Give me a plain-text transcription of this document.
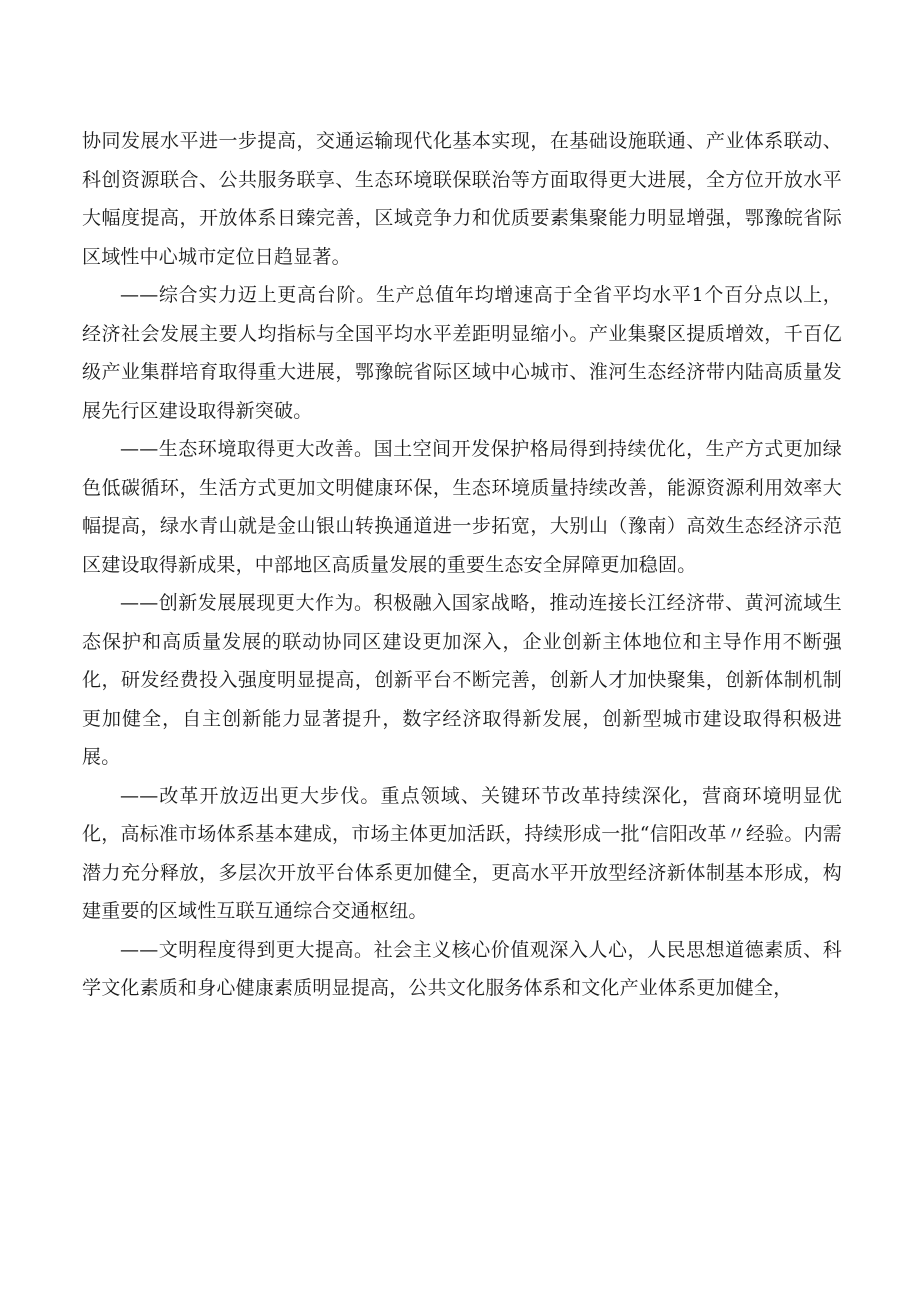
协同发展水平进一步提高，交通运输现代化基本实现，在基础设施联通、产业体系联动、科创资源联合、公共服务联享、生态环境联保联治等方面取得更大进展，全方位开放水平大幅度提高，开放体系日臻完善，区域竞争力和优质要素集聚能力明显增强，鄂豫皖省际区域性中心城市定位日趋显著。

——综合实力迈上更高台阶。生产总值年均增速高于全省平均水平1个百分点以上，经济社会发展主要人均指标与全国平均水平差距明显缩小。产业集聚区提质增效，千百亿级产业集群培育取得重大进展，鄂豫皖省际区域中心城市、淮河生态经济带内陆高质量发展先行区建设取得新突破。

——生态环境取得更大改善。国土空间开发保护格局得到持续优化，生产方式更加绿色低碳循环，生活方式更加文明健康环保，生态环境质量持续改善，能源资源利用效率大幅提高，绿水青山就是金山银山转换通道进一步拓宽，大别山（豫南）高效生态经济示范区建设取得新成果，中部地区高质量发展的重要生态安全屏障更加稳固。

——创新发展展现更大作为。积极融入国家战略，推动连接长江经济带、黄河流域生态保护和高质量发展的联动协同区建设更加深入，企业创新主体地位和主导作用不断强化，研发经费投入强度明显提高，创新平台不断完善，创新人才加快聚集，创新体制机制更加健全，自主创新能力显著提升，数字经济取得新发展，创新型城市建设取得积极进展。

——改革开放迈出更大步伐。重点领域、关键环节改革持续深化，营商环境明显优化，高标准市场体系基本建成，市场主体更加活跃，持续形成一批“信阳改革〃经验。内需潜力充分释放，多层次开放平台体系更加健全，更高水平开放型经济新体制基本形成，构建重要的区域性互联互通综合交通枢纽。

——文明程度得到更大提高。社会主义核心价值观深入人心，人民思想道德素质、科学文化素质和身心健康素质明显提高，公共文化服务体系和文化产业体系更加健全，
